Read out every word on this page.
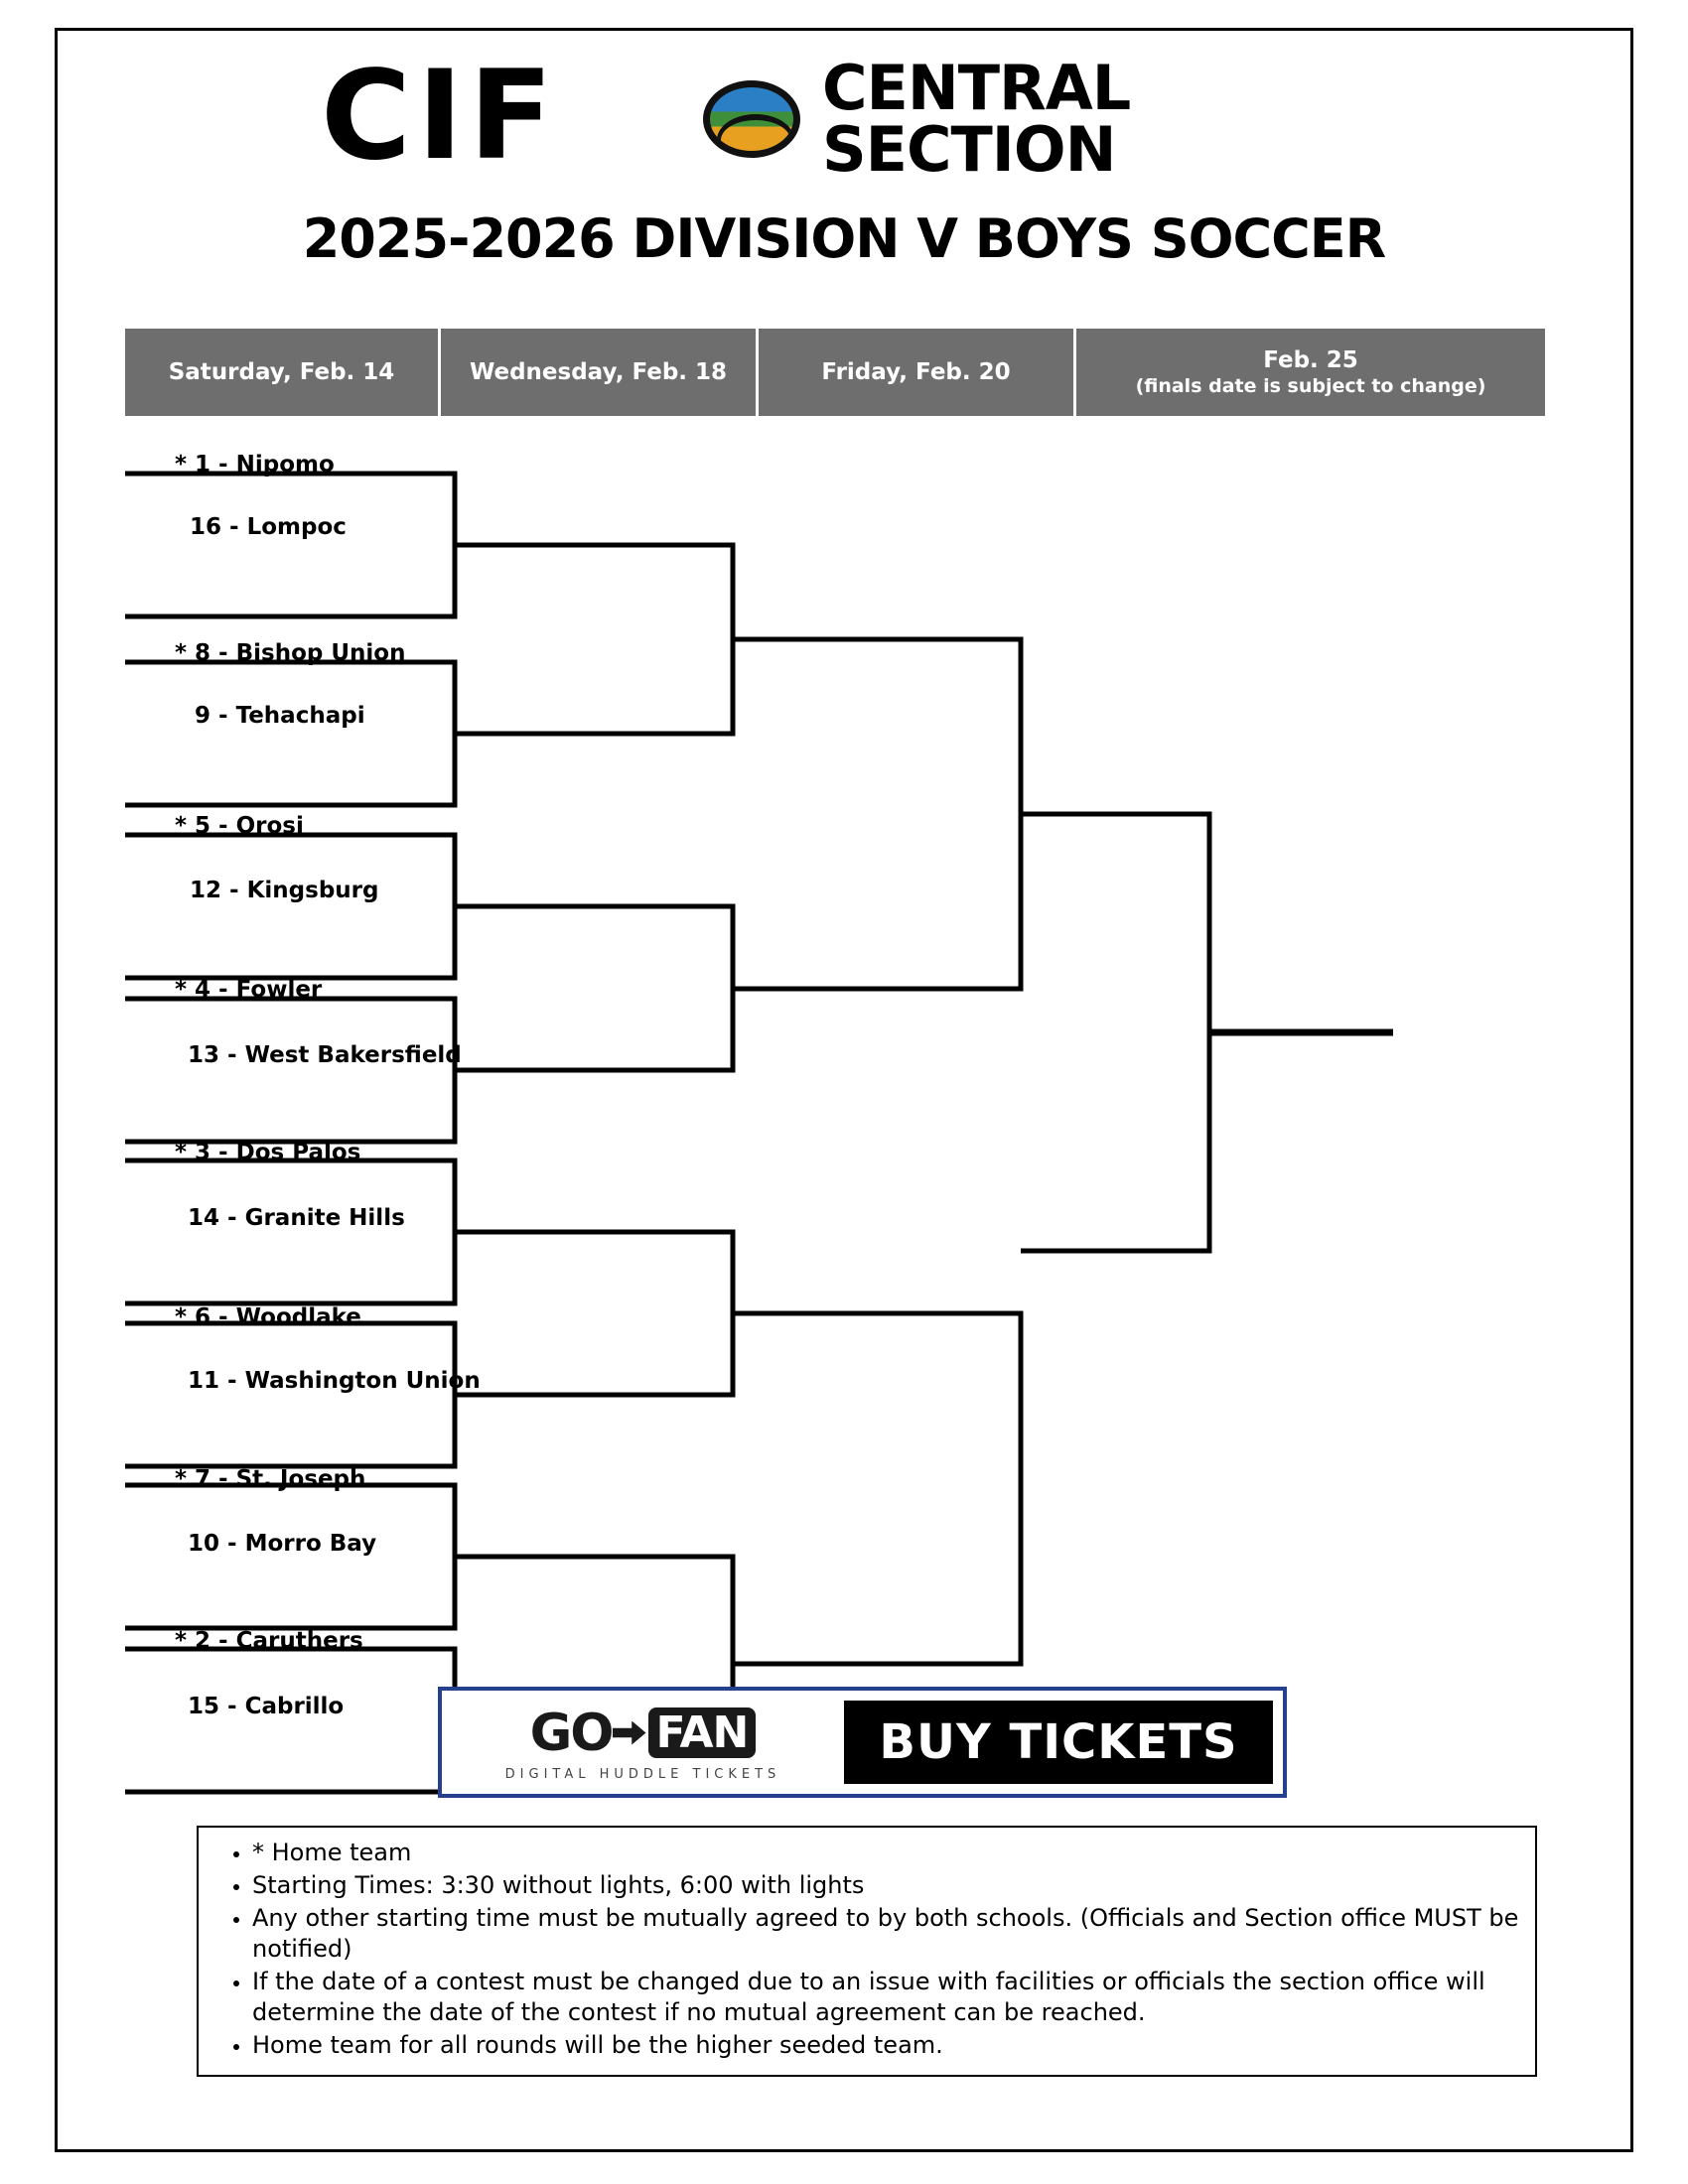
CIF	CENTRAL
SECTION
2025-2026 DIVISION V BOYS SOCCER
Saturday, Feb. 14	Wednesday, Feb. 18	Friday, Feb. 20	Feb. 25
(finals date is subject to change)
* 1 - Nipomo
16 - Lompoc
* 8 - Bishop Union
9 - Tehachapi
* 5 - Orosi
12 - Kingsburg
* 4 - Fowler
13 - West Bakersfield
* 3 - Dos Palos
14 - Granite Hills
* 6 - Woodlake
11 - Washington Union
* 7 - St. Joseph
10 - Morro Bay
* 2 - Caruthers
15 - Cabrillo	GO FAN
DIGITAL HUDDLE TICKETS
BUY TICKETS
• * Home team
• Starting Times: 3:30 without lights, 6:00 with lights
• Any other starting time must be mutually agreed to by both schools. (Officials and Section office MUST be notified)
• If the date of a contest must be changed due to an issue with facilities or officials the section office will determine the date of the contest if no mutual agreement can be reached.
• Home team for all rounds will be the higher seeded team.
